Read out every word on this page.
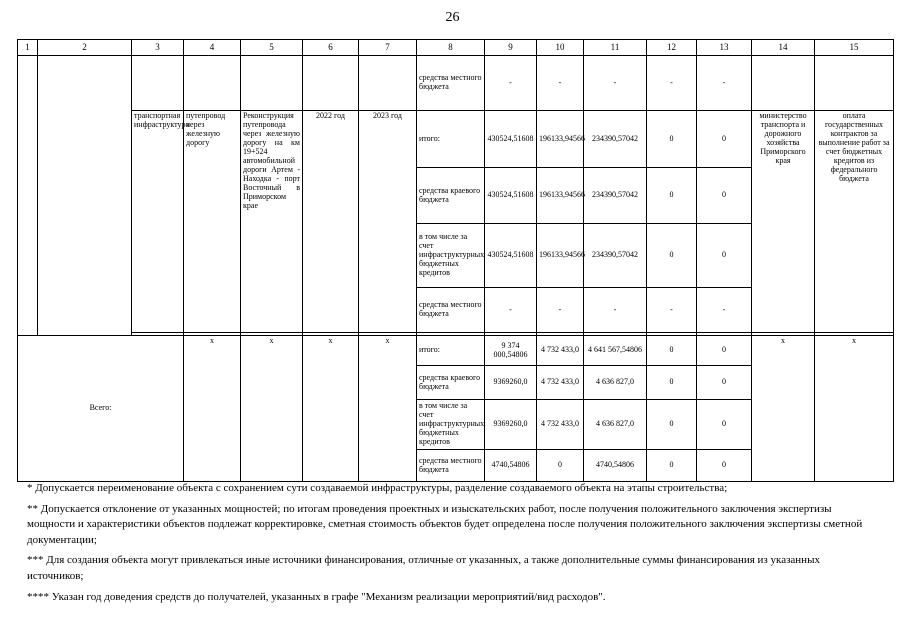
26
1	2	3	4	5	6	7	8	9	10	11	12	13	14	15
							средства местного бюджета	-	-	-	-	-		
		транспортная инфраструктура	путепровод через железную дорогу	Реконструкция путепровода через железную дорогу на км 19+524 автомобильной дороги Артем - Находка - порт Восточный в Приморском крае	2022 год	2023 год	итого:	430524,51608	196133,94566	234390,57042	0	0	министерство транспорта и дорожного хозяйства Приморского края	оплата государственных контрактов за выполнение работ за счет бюджетных кредитов из федерального бюджета
							средства краевого бюджета	430524,51608	196133,94566	234390,57042	0	0		
							в том числе за счет инфраструктурных бюджетных кредитов	430524,51608	196133,94566	234390,57042	0	0		
							средства местного бюджета	-	-	-	-	-		

Всего:			x	x	x	x	итого:	9 374 000,54806	4 732 433,0	4 641 567,54806	0	0	x	x
							средства краевого бюджета	9369260,0	4 732 433,0	4 636 827,0	0	0		
							в том числе за счет инфраструктурных бюджетных кредитов	9369260,0	4 732 433,0	4 636 827,0	0	0		
							средства местного бюджета	4740,54806	0	4740,54806	0	0		

* Допускается переименование объекта с сохранением сути создаваемой инфраструктуры, разделение создаваемого объекта на этапы строительства;

** Допускается отклонение от указанных мощностей; по итогам проведения проектных и изыскательских работ, после получения положительного заключения экспертизы мощности и характеристики объектов подлежат корректировке, сметная стоимость объектов будет определена после получения положительного заключения экспертизы сметной документации;

*** Для создания объекта могут привлекаться иные источники финансирования, отличные от указанных, а также дополнительные суммы финансирования из указанных источников;

**** Указан год доведения средств до получателей, указанных в графе "Механизм реализации мероприятий/вид расходов".
